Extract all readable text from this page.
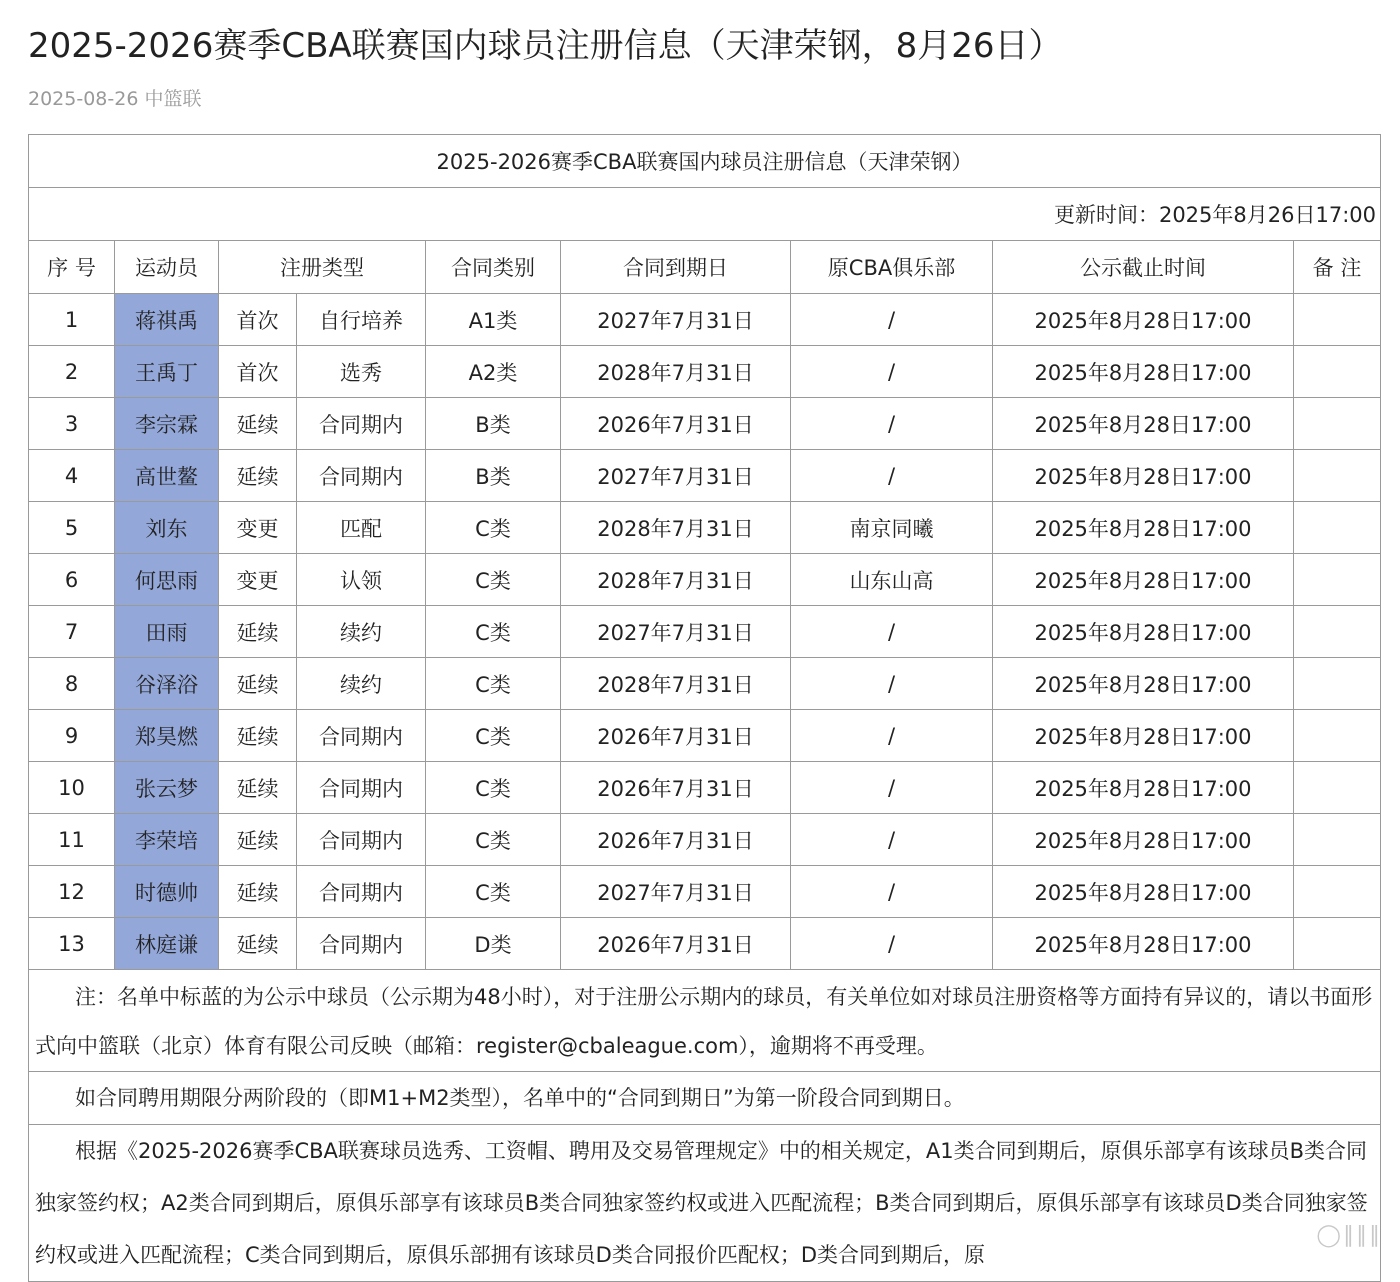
2025-2026赛季CBA联赛国内球员注册信息（天津荣钢，8月26日）
2025-08-26 中篮联
2025-2026赛季CBA联赛国内球员注册信息（天津荣钢）								
更新时间：2025年8月26日17:00								
序 号	运动员	注册类型		合同类别	合同到期日	原CBA俱乐部	公示截止时间	备 注
1	蒋祺禹	首次	自行培养	A1类	2027年7月31日	/	2025年8月28日17:00	
2	王禹丁	首次	选秀	A2类	2028年7月31日	/	2025年8月28日17:00	
3	李宗霖	延续	合同期内	B类	2026年7月31日	/	2025年8月28日17:00	
4	高世鳌	延续	合同期内	B类	2027年7月31日	/	2025年8月28日17:00	
5	刘东	变更	匹配	C类	2028年7月31日	南京同曦	2025年8月28日17:00	
6	何思雨	变更	认领	C类	2028年7月31日	山东山高	2025年8月28日17:00	
7	田雨	延续	续约	C类	2027年7月31日	/	2025年8月28日17:00	
8	谷泽浴	延续	续约	C类	2028年7月31日	/	2025年8月28日17:00	
9	郑昊燃	延续	合同期内	C类	2026年7月31日	/	2025年8月28日17:00	
10	张云梦	延续	合同期内	C类	2026年7月31日	/	2025年8月28日17:00	
11	李荣培	延续	合同期内	C类	2026年7月31日	/	2025年8月28日17:00	
12	时德帅	延续	合同期内	C类	2027年7月31日	/	2025年8月28日17:00	
13	林庭谦	延续	合同期内	D类	2026年7月31日	/	2025年8月28日17:00	

注：名单中标蓝的为公示中球员（公示期为48小时），对于注册公示期内的球员，有关单位如对球员注册资格等方面持有异议的，请以书面形式向中篮联（北京）体育有限公司反映（邮箱：register@cbaleague.com），逾期将不再受理。								

如合同聘用期限分两阶段的（即M1+M2类型），名单中的“合同到期日”为第一阶段合同到期日。								

根据《2025-2026赛季CBA联赛球员选秀、工资帽、聘用及交易管理规定》中的相关规定，A1类合同到期后，原俱乐部享有该球员B类合同独家签约权；A2类合同到期后，原俱乐部享有该球员B类合同独家签约权或进入匹配流程；B类合同到期后，原俱乐部享有该球员D类合同独家签约权或进入匹配流程；C类合同到期后，原俱乐部拥有该球员D类合同报价匹配权；D类合同到期后，原								

◯∥∥∥
